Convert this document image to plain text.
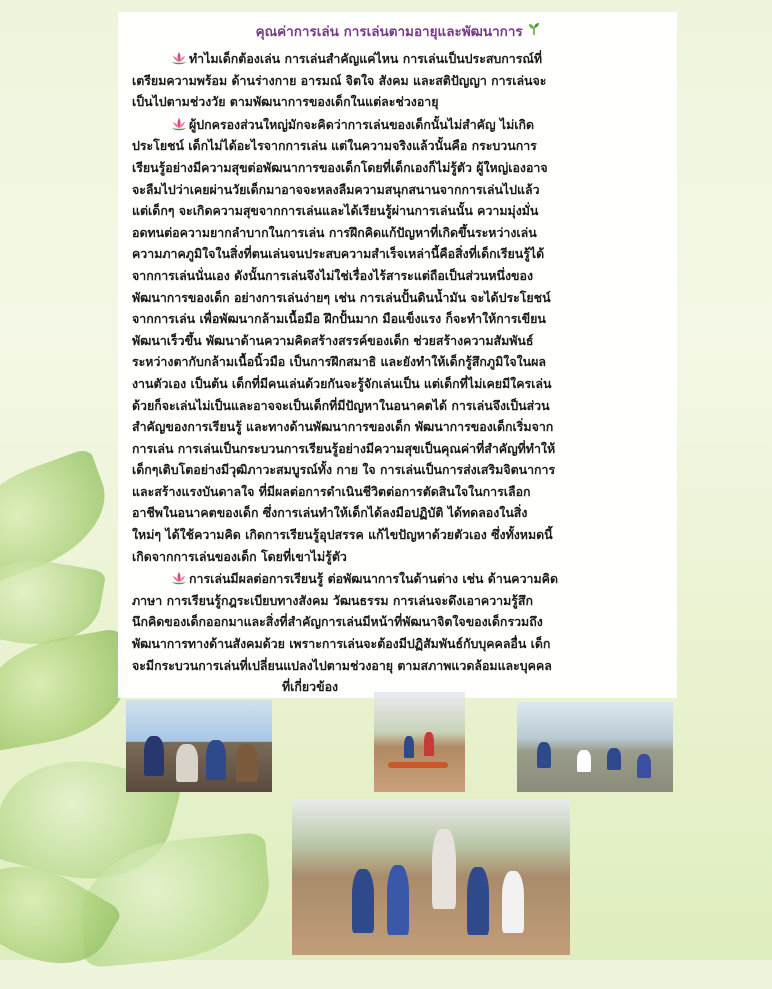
คุณค่าการเล่น การเล่นตามอายุและพัฒนาการ

ทำไมเด็กต้องเล่น การเล่นสำคัญแค่ไหน การเล่นเป็นประสบการณ์ที่
เตรียมความพร้อม ด้านร่างกาย อารมณ์ จิตใจ สังคม และสติปัญญา การเล่นจะ
เป็นไปตามช่วงวัย ตามพัฒนาการของเด็กในแต่ละช่วงอายุ

ผู้ปกครองส่วนใหญ่มักจะคิดว่าการเล่นของเด็กนั้นไม่สำคัญ ไม่เกิด
ประโยชน์ เด็กไม่ได้อะไรจากการเล่น แต่ในความจริงแล้วนั้นคือ กระบวนการ
เรียนรู้อย่างมีความสุขต่อพัฒนาการของเด็กโดยที่เด็กเองก็ไม่รู้ตัว ผู้ใหญ่เองอาจ
จะลืมไปว่าเคยผ่านวัยเด็กมาอาจจะหลงลืมความสนุกสนานจากการเล่นไปแล้ว
แต่เด็กๆ จะเกิดความสุขจากการเล่นและได้เรียนรู้ผ่านการเล่นนั้น ความมุ่งมั่น
อดทนต่อความยากลำบากในการเล่น การฝึกคิดแก้ปัญหาที่เกิดขึ้นระหว่างเล่น
ความภาคภูมิใจในสิ่งที่ตนเล่นจนประสบความสำเร็จเหล่านี้คือสิ่งที่เด็กเรียนรู้ได้
จากการเล่นนั่นเอง ดังนั้นการเล่นจึงไม่ใช่เรื่องไร้สาระแต่ถือเป็นส่วนหนึ่งของ
พัฒนาการของเด็ก อย่างการเล่นง่ายๆ เช่น การเล่นปั้นดินน้ำมัน จะได้ประโยชน์
จากการเล่น เพื่อพัฒนากล้ามเนื้อมือ ฝึกปั้นมาก มือแข็งแรง ก็จะทำให้การเขียน
พัฒนาเร็วขึ้น พัฒนาด้านความคิดสร้างสรรค์ของเด็ก ช่วยสร้างความสัมพันธ์
ระหว่างตากับกล้ามเนื้อนิ้วมือ เป็นการฝึกสมาธิ และยังทำให้เด็กรู้สึกภูมิใจในผล
งานตัวเอง เป็นต้น เด็กที่มีคนเล่นด้วยกันจะรู้จักเล่นเป็น แต่เด็กที่ไม่เคยมีใครเล่น
ด้วยก็จะเล่นไม่เป็นและอาจจะเป็นเด็กที่มีปัญหาในอนาคตได้ การเล่นจึงเป็นส่วน
สำคัญของการเรียนรู้ และทางด้านพัฒนาการของเด็ก พัฒนาการของเด็กเริ่มจาก
การเล่น การเล่นเป็นกระบวนการเรียนรู้อย่างมีความสุขเป็นคุณค่าที่สำคัญที่ทำให้
เด็กๆเติบโตอย่างมีวุฒิภาวะสมบูรณ์ทั้ง กาย ใจ การเล่นเป็นการส่งเสริมจิตนาการ
และสร้างแรงบันดาลใจ ที่มีผลต่อการดำเนินชีวิตต่อการตัดสินใจในการเลือก
อาชีพในอนาคตของเด็ก ซึ่งการเล่นทำให้เด็กได้ลงมือปฏิบัติ ได้ทดลองในสิ่ง
ใหม่ๆ ได้ใช้ความคิด เกิดการเรียนรู้อุปสรรค แก้ไขปัญหาด้วยตัวเอง ซึ่งทั้งหมดนี้
เกิดจากการเล่นของเด็ก โดยที่เขาไม่รู้ตัว

การเล่นมีผลต่อการเรียนรู้ ต่อพัฒนาการในด้านต่าง เช่น ด้านความคิด
ภาษา การเรียนรู้กฎระเบียบทางสังคม วัฒนธรรม การเล่นจะดึงเอาความรู้สึก
นึกคิดของเด็กออกมาและสิ่งที่สำคัญการเล่นมีหน้าที่พัฒนาจิตใจของเด็กรวมถึง
พัฒนาการทางด้านสังคมด้วย เพราะการเล่นจะต้องมีปฏิสัมพันธ์กับบุคคลอื่น เด็ก
จะมีกระบวนการเล่นที่เปลี่ยนแปลงไปตามช่วงอายุ ตามสภาพแวดล้อมและบุคคล
ที่เกี่ยวข้อง
